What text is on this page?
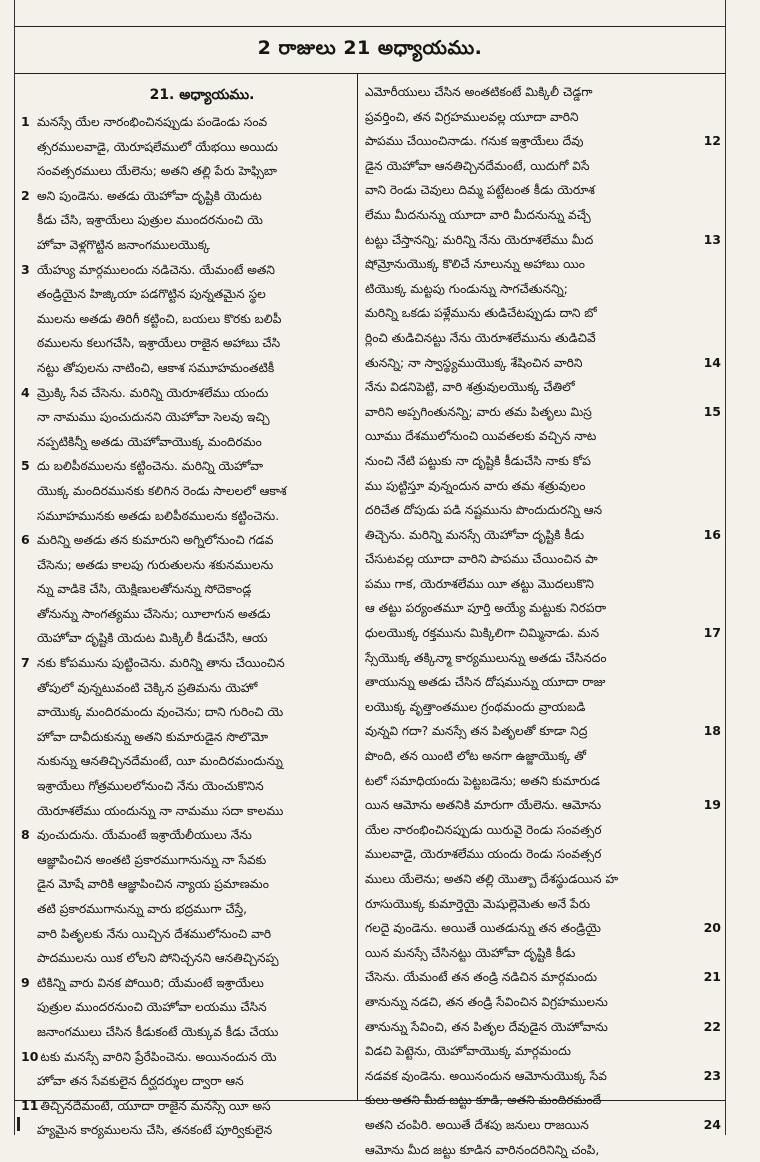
2 రాజులు 21 అధ్యాయము.
21. అధ్యాయము.
1 మనస్సే యేల నారంభించినప్పుడు పండెండు సంవ
త్సరములవాడై, యెరూషలేములో యేభయి అయిదు
సంవత్సరములు యేలెను; అతని తల్లి పేరు హెఫ్సిబా
2 అని పుండెను. అతడు యెహోవా దృష్టికి యెదుట
కీడు చేసి, ఇశ్రాయేలు పుత్రుల ముందరనుంచి యె
హోవా వెళ్లగొట్టిన జనాంగములయొక్క
3 యేహ్యు మార్గములందు నడిచెను. యేమంటే అతని
తండ్రియైన హిజ్కియా పడగొట్టిన పున్నతమైన స్థల
ములను అతడు తిరిగీ కట్టించి, బయలు కొరకు బలిపీ
ఠములను కలుగచేసి, ఇశ్రాయేలు రాజైన అహాబు చేసి
నట్టు తోపులను నాటించి, ఆకాశ సమూహమంతటికీ
4 మ్రొక్కి సేవ చేసెను. మరిన్ని యెరూశలేము యందు
నా నామము పుంచుదునని యెహోవా సెలవు ఇచ్చి
నప్పటికిన్నీ అతడు యెహోవాయొక్క మందిరమం
5 దు బలిపీఠములను కట్టించెను. మరిన్ని యెహోవా
యొక్క మందిరమునకు కలిగిన రెండు సాలలలో ఆకాశ
సమూహమునకు అతడు బలిపీఠములను కట్టించెను.
6 మరిన్ని అతడు తన కుమారుని అగ్నిలోనుంచి గడవ
చేసెను; అతడు కాలపు గురుతులను శకునములను
న్ను వాడికె చేసి, యెక్షిణులతోనున్ను సోదెకాండ్ల
తోనున్ను సాంగత్యము చేసెను; యీలాగున అతడు
యెహోవా దృష్టికి యెదుట మిక్కిలీ కీడుచేసి, ఆయ
7 నకు కోపమును పుట్టించెను. మరిన్ని తాను చేయించిన
తోపులో వున్నటువంటి చెక్కిన ప్రతిమను యెహో
వాయొక్క మందిరమందు వుంచెను; దాని గురించి యె
హోవా దావీదుకున్ను అతని కుమారుడైన సొలొమో
నుకున్ను ఆనతిచ్చినదేమంటే, యీ మందిరమందున్ను
ఇశ్రాయేలు గోత్రములలోనుంచి నేను యెంచుకొనిన
యెరూశలేము యందున్ను నా నామము సదా కాలము
8 వుంచుదును. యేమంటే ఇశ్రాయేలీయులు నేను
ఆజ్ఞాపించిన అంతటి ప్రకారముగానున్ను నా సేవకు
డైన మోషే వారికి ఆజ్ఞాపించిన న్యాయ ప్రమాణమం
తటి ప్రకారముగానున్ను వారు భద్రముగా చేస్తే,
వారి పితృలకు నేను యిచ్చిన దేశములోనుంచి వారి
పాదములను యిక లోలని పోనిచ్చనని ఆనతిచ్చినప్ప
9 టికిన్ని వారు వినక పోయిరి; యేమంటే ఇశ్రాయేలు
పుత్రుల ముందరనుంచి యెహోవా లయము చేసిన
జనాంగములు చేసిన కీడుకంటే యెక్కువ కీడు చేయు
10 టకు మనస్సే వారిని ప్రేరేపించెను. అయినందున యె
హోవా తన సేవకులైన దీర్ఘదర్శుల ద్వారా ఆన
11 తిచ్చినదేమంటే, యూదా రాజైన మనస్సే యీ అస
హ్యమైన కార్యములను చేసి, తనకంటే పూర్వికులైన
ఎమోరీయులు చేసిన అంతటికంటే మిక్కిలీ చెడ్డగా
ప్రవర్తించి, తన విగ్రహములవల్ల యూదా వారిని
పాపము చేయించినాడు. గనుక ఇశ్రాయేలు దేవు	12
డైన యెహోవా ఆనతిచ్చినదేమంటే, యిదుగో విసే
వాని రెండు చెవులు దిమ్మ పట్టేటంత కీడు యెరూశ
లేము మీదనున్ను యూదా వారి మీదనున్ను వచ్చే
టట్టు చేస్తానన్ని; మరిన్ని నేను యెరూశలేము మీద	13
షోమ్రోనుయొక్క కొలిచే నూలున్ను అహాబు యిం
టియొక్క మట్టపు గుండున్ను సాగచేతునన్ని;
మరిన్ని ఒకడు పళ్లేమును తుడిచేటప్పుడు దాని బో
ర్లించి తుడిచినట్టు నేను యెరూశలేమును తుడిచివే
తునన్ని; నా స్వాస్థ్యముయొక్క శేషించిన వారిని	14
నేను విడనిపెట్టి, వారి శత్రువులయొక్క చేతిలో
వారిని అప్పగింతునన్ని; వారు తమ పితృలు మిస్ర	15
యీము దేశములోనుంచి యివతలకు వచ్చిన నాట
నుంచి నేటి పట్టుకు నా దృష్టికి కీడుచేసి నాకు కోప
ము పుట్టిస్తూ వున్నందున వారు తమ శత్రువులం
దరిచేత దోపుడు పడి నష్టమును పొందుదురన్ని ఆన
తిచ్చెను. మరిన్ని మనస్సే యెహోవా దృష్టికి కీడు	16
చేసుటవల్ల యూదా వారిని పాపము చేయించిన పా
పము గాక, యెరూశలేము యీ తట్టు మొదలుకొని
ఆ తట్టు పర్యంతమూ పూర్తి అయ్యే మట్టుకు నిరపరా
ధులయొక్క రక్తమును మిక్కిలిగా చిమ్మినాడు. మన	17
స్సేయొక్క తక్కిన్మా కార్యములున్ను అతడు చేసినదం
తాయున్ను అతడు చేసిన దోషమున్ను యూదా రాజు
లయొక్క వృత్తాంతముల గ్రంథమందు వ్రాయబడి
వున్నవి గదా? మనస్సే తన పితృలతో కూడా నిద్ర	18
పొంది, తన యింటి లోట అనగా ఉజ్జాయొక్క తో
టలో సమాధియందు పెట్టబడెను; అతని కుమారుడ
యిన ఆమోను అతనికి మారుగా యేలెను. ఆమోను	19
యేల నారంభించినప్పుడు యిరువై రెండు సంవత్సర
ములవాడై, యెరూశలేము యందు రెండు సంవత్సర
ములు యేలెను; అతని తల్లి యొత్బా దేశస్థుడయిన హ
రూసుయొక్క కుమార్తెయై మెషుల్లెమెతు అనే పేరు
గలదై వుండెను. అయితే యితడున్ను తన తండ్రియై	20
యిన మనస్సే చేసినట్టు యెహోవా దృష్టికి కీడు
చేసెను. యేమంటే తన తండ్రి నడిచిన మార్గమందు	21
తానున్ను నడచి, తన తండ్రి సేవించిన విగ్రహములను
తానున్ను సేవించి, తన పితృల దేవుడైన యెహోవాను	22
విడచి పెట్టెను, యెహోవాయొక్క మార్గమందు
నడవక వుండెను. అయినందున ఆమోనుయొక్క సేవ	23
కులు అతని మీద జట్టు కూడి, అతని మందిరమందే
అతని చంపిరి. అయితే దేశపు జనులు రాజయిన	24
ఆమోను మీద జట్టు కూడిన వారినందరినిన్ని చంపి,
